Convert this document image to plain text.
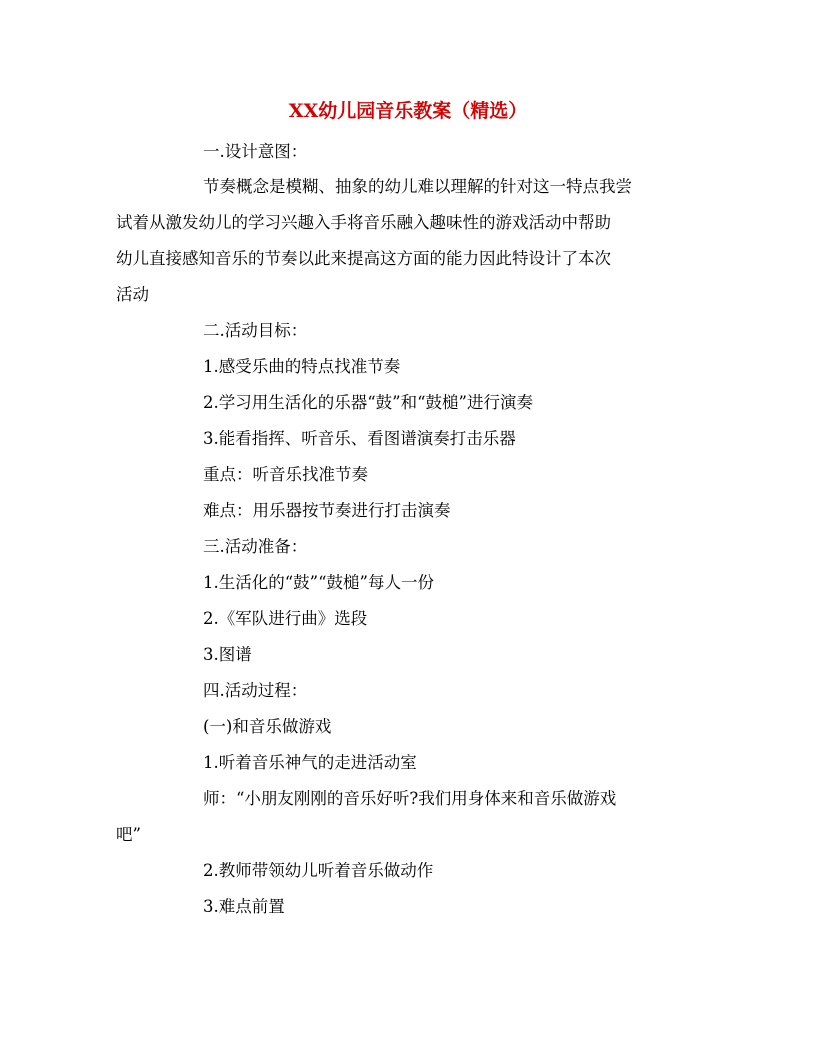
XX幼儿园音乐教案（精选）
一.设计意图：
节奏概念是模糊、抽象的幼儿难以理解的针对这一特点我尝
试着从激发幼儿的学习兴趣入手将音乐融入趣味性的游戏活动中帮助
幼儿直接感知音乐的节奏以此来提高这方面的能力因此特设计了本次
活动
二.活动目标：
1.感受乐曲的特点找准节奏
2.学习用生活化的乐器“鼓”和“鼓槌”进行演奏
3.能看指挥、听音乐、看图谱演奏打击乐器
重点：听音乐找准节奏
难点：用乐器按节奏进行打击演奏
三.活动准备：
1.生活化的“鼓”“鼓槌”每人一份
2.《军队进行曲》选段
3.图谱
四.活动过程：
(一)和音乐做游戏
1.听着音乐神气的走进活动室
师：“小朋友刚刚的音乐好听?我们用身体来和音乐做游戏
吧”
2.教师带领幼儿听着音乐做动作
3.难点前置
